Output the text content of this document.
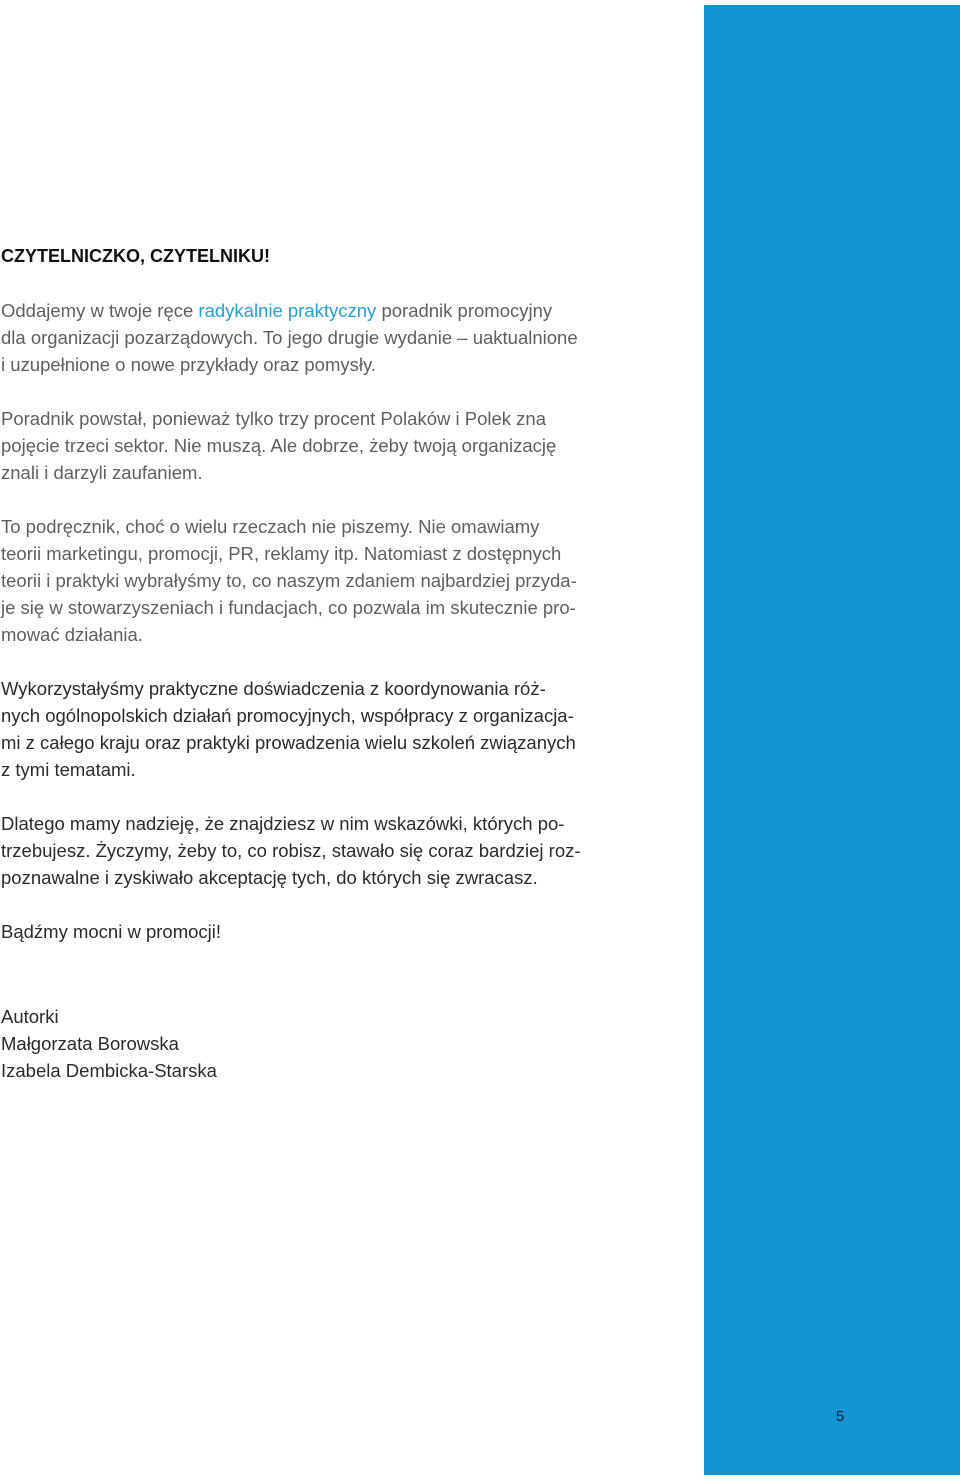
5
CZYTELNICZKO, CZYTELNIKU!
Oddajemy w twoje ręce radykalnie praktyczny poradnik promocyjny
dla organizacji pozarządowych. To jego drugie wydanie – uaktualnione
i uzupełnione o nowe przykłady oraz pomysły.
Poradnik powstał, ponieważ tylko trzy procent Polaków i Polek zna
pojęcie trzeci sektor. Nie muszą. Ale dobrze, żeby twoją organizację
znali i darzyli zaufaniem.
To podręcznik, choć o wielu rzeczach nie piszemy. Nie omawiamy
teorii marketingu, promocji, PR, reklamy itp. Natomiast z dostępnych
teorii i praktyki wybrałyśmy to, co naszym zdaniem najbardziej przyda-
je się w stowarzyszeniach i fundacjach, co pozwala im skutecznie pro-
mować działania.
Wykorzystałyśmy praktyczne doświadczenia z koordynowania róż-
nych ogólnopolskich działań promocyjnych, współpracy z organizacja-
mi z całego kraju oraz praktyki prowadzenia wielu szkoleń związanych
z tymi tematami.
Dlatego mamy nadzieję, że znajdziesz w nim wskazówki, których po-
trzebujesz. Życzymy, żeby to, co robisz, stawało się coraz bardziej roz-
poznawalne i zyskiwało akceptację tych, do których się zwracasz.
Bądźmy mocni w promocji!
Autorki
Małgorzata Borowska
Izabela Dembicka-Starska
